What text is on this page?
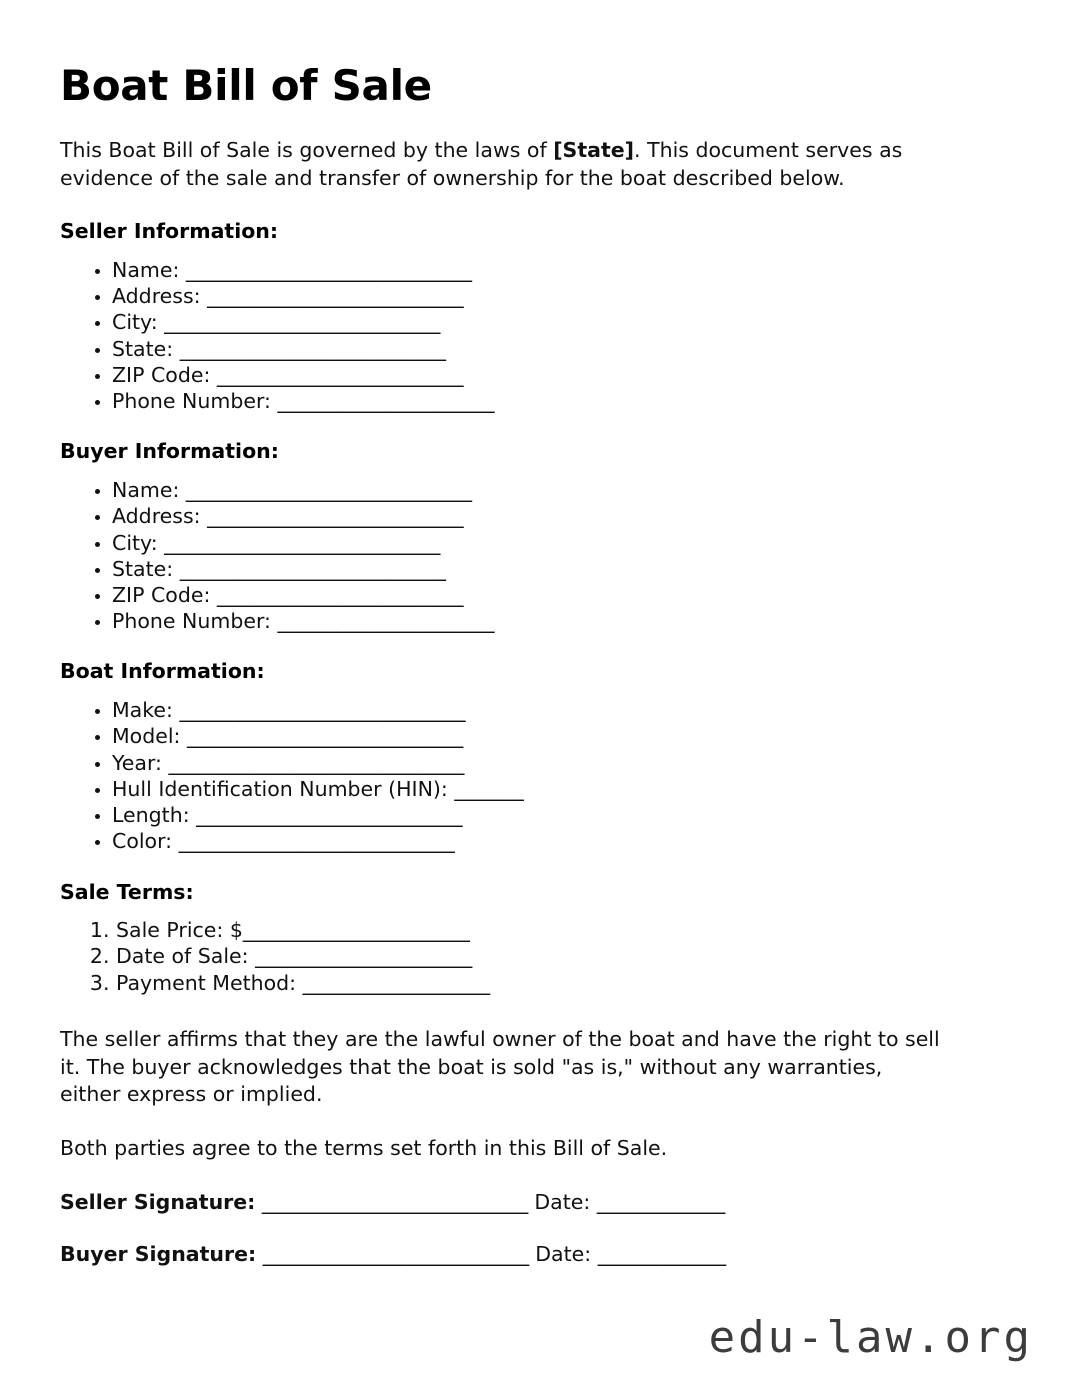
Boat Bill of Sale

This Boat Bill of Sale is governed by the laws of [State]. This document serves as evidence of the sale and transfer of ownership for the boat described below.

Seller Information:
• Name: _____________________________
• Address: __________________________
• City: ____________________________
• State: ___________________________
• ZIP Code: _________________________
• Phone Number: ______________________
Buyer Information:
• Name: _____________________________
• Address: __________________________
• City: ____________________________
• State: ___________________________
• ZIP Code: _________________________
• Phone Number: ______________________
Boat Information:
• Make: _____________________________
• Model: ____________________________
• Year: ______________________________
• Hull Identification Number (HIN): _______
• Length: ___________________________
• Color: ____________________________
Sale Terms:
1. Sale Price: $_______________________
2. Date of Sale: ______________________
3. Payment Method: ___________________

The seller affirms that they are the lawful owner of the boat and have the right to sell it. The buyer acknowledges that the boat is sold "as is," without any warranties, either express or implied.

Both parties agree to the terms set forth in this Bill of Sale.

Seller Signature: ___________________________ Date: _____________
Buyer Signature: ___________________________ Date: _____________
edu-law.org
